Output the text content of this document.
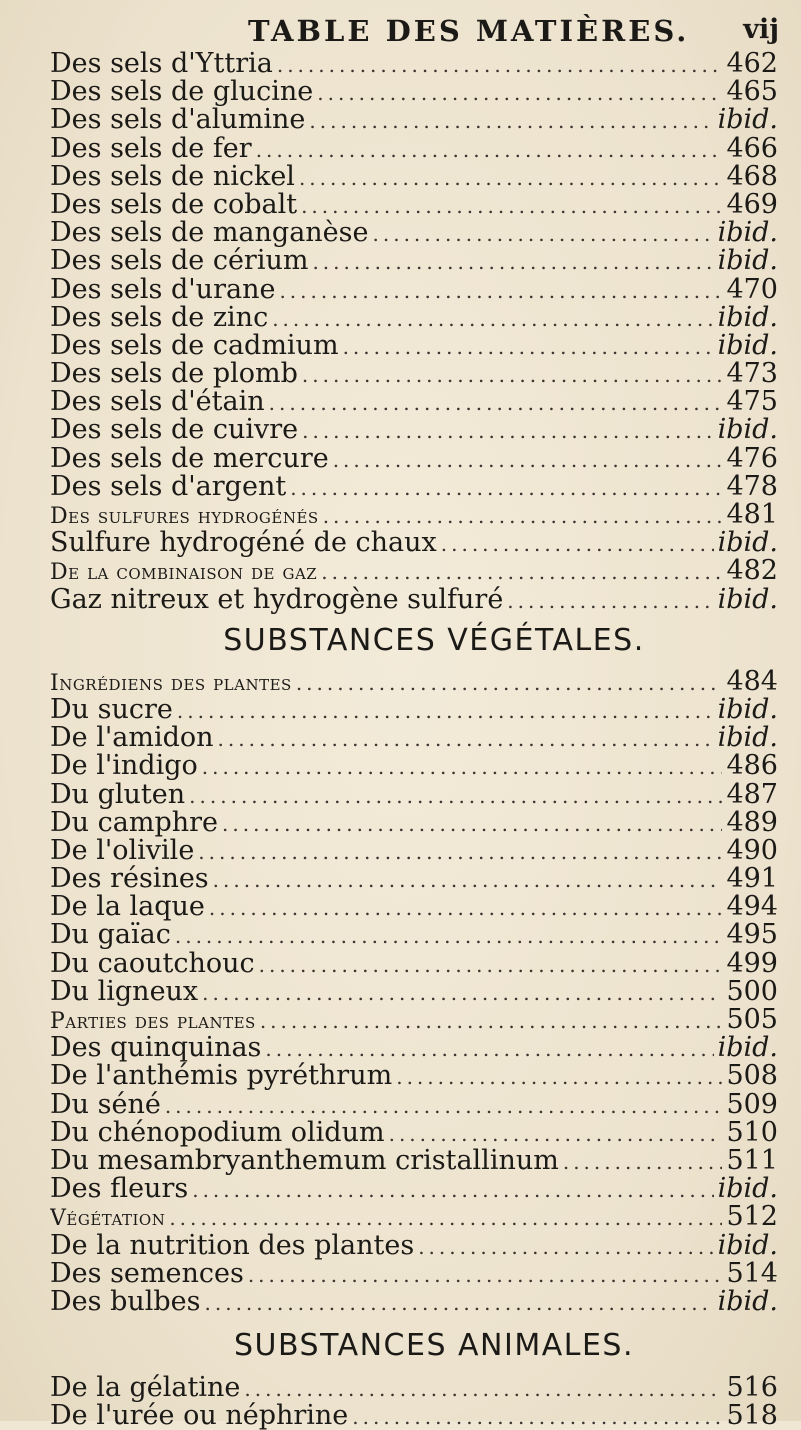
TABLE DES MATIÈRES. vij
Des sels d'Yttria .....	462
Des sels de glucine .....	465
Des sels d'alumine .....	ibid.
Des sels de fer .....	466
Des sels de nickel .....	468
Des sels de cobalt .....	469
Des sels de manganèse .....	ibid.
Des sels de cérium .....	ibid.
Des sels d'urane .....	470
Des sels de zinc .....	ibid.
Des sels de cadmium .....	ibid.
Des sels de plomb .....	473
Des sels d'étain .....	475
Des sels de cuivre .....	ibid.
Des sels de mercure .....	476
Des sels d'argent .....	478
Des sulfures hydrogénés .....	481
Sulfure hydrogéné de chaux .....	ibid.
De la combinaison de gaz .....	482
Gaz nitreux et hydrogène sulfuré .....	ibid.
SUBSTANCES VÉGÉTALES.
Ingrédiens des plantes .....	484
Du sucre .....	ibid.
De l'amidon .....	ibid.
De l'indigo .....	486
Du gluten .....	487
Du camphre .....	489
De l'olivile .....	490
Des résines .....	491
De la laque .....	494
Du gaïac .....	495
Du caoutchouc .....	499
Du ligneux .....	500
Parties des plantes .....	505
Des quinquinas .....	ibid.
De l'anthémis pyréthrum .....	508
Du séné .....	509
Du chénopodium olidum .....	510
Du mesambryanthemum cristallinum .....	511
Des fleurs .....	ibid.
Végétation .....	512
De la nutrition des plantes .....	ibid.
Des semences .....	514
Des bulbes .....	ibid.
SUBSTANCES ANIMALES.
De la gélatine .....	516
De l'urée ou néphrine .....	518
